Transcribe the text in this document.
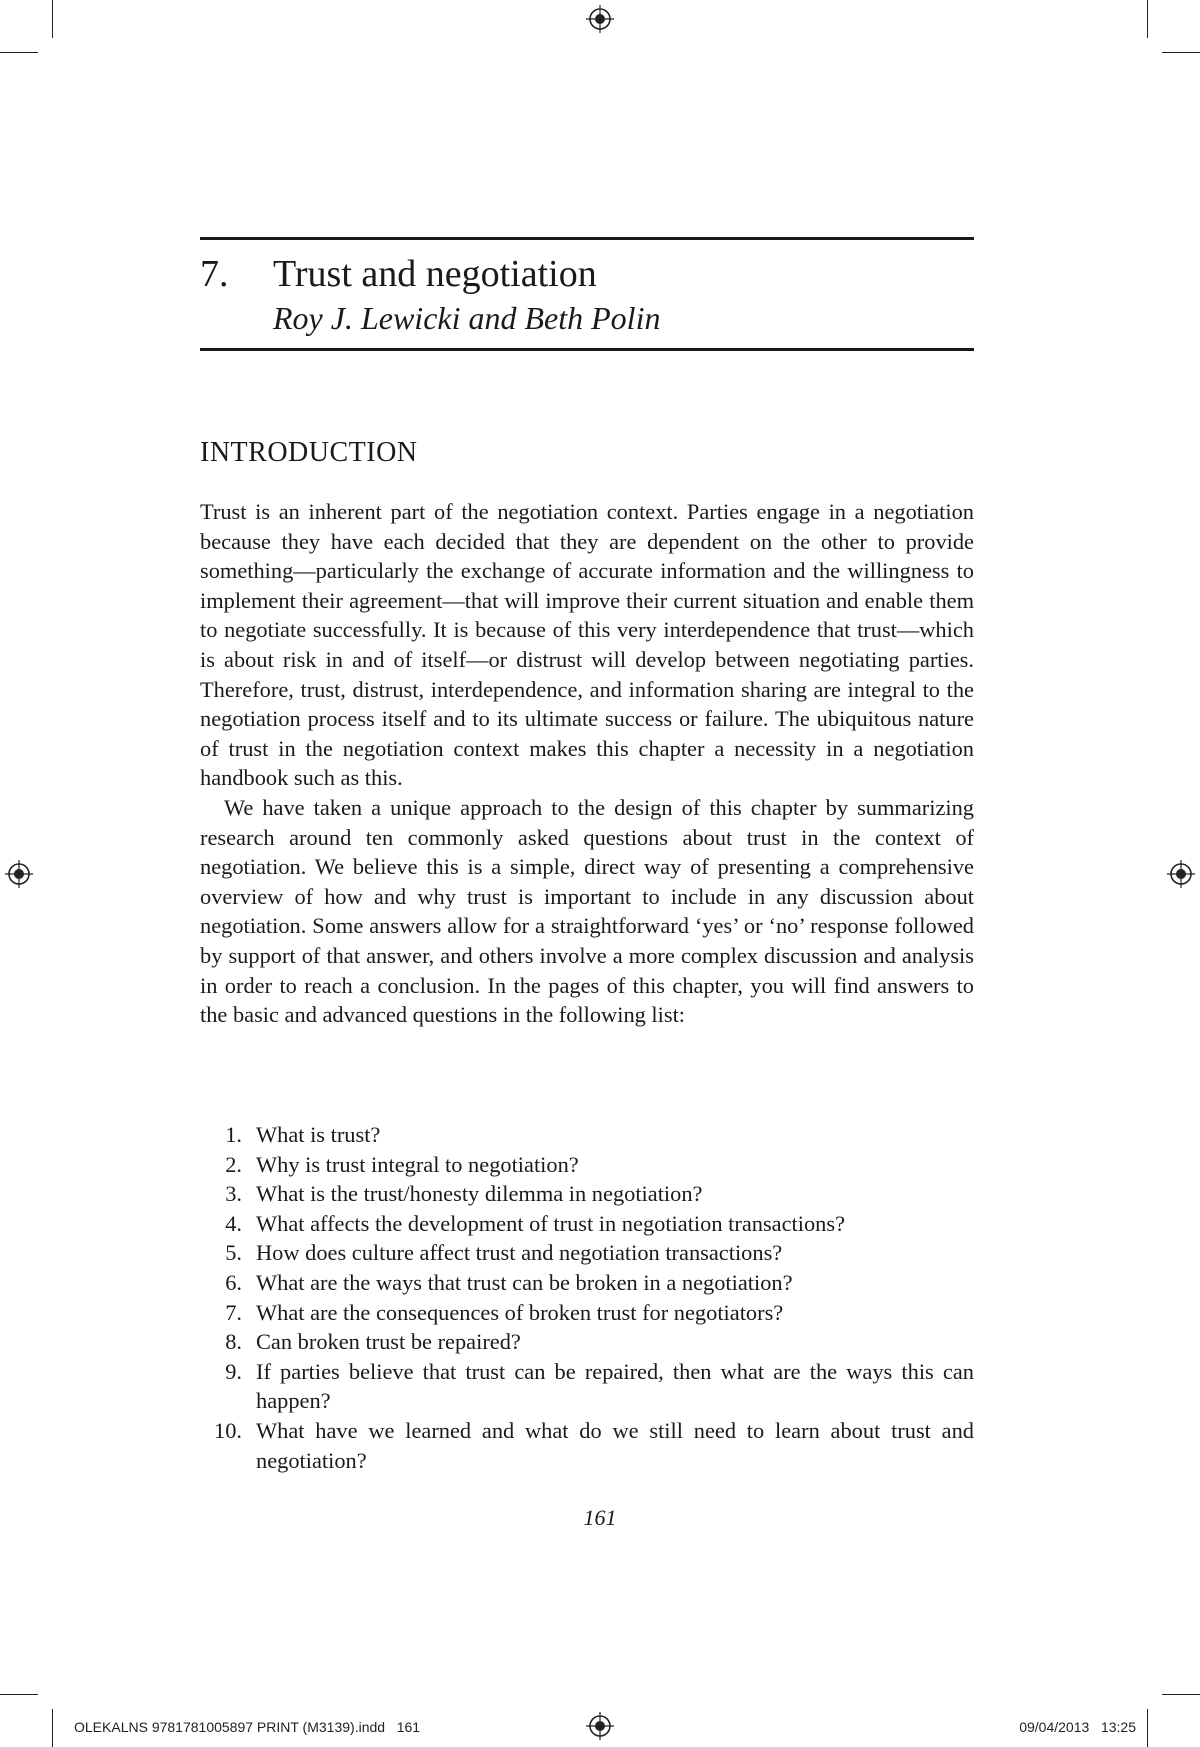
7.	Trust and negotiation
Roy J. Lewicki and Beth Polin
INTRODUCTION

Trust is an inherent part of the negotiation context. Parties engage in a negotiation because they have each decided that they are dependent on the other to provide something—particularly the exchange of accurate information and the willingness to implement their agreement—that will improve their current situation and enable them to negotiate successfully. It is because of this very interdependence that trust—which is about risk in and of itself—or distrust will develop between negotiating parties. Therefore, trust, distrust, interdependence, and information sharing are integral to the negotiation process itself and to its ultimate success or failure. The ubiquitous nature of trust in the negotiation context makes this chapter a necessity in a negotiation handbook such as this.

We have taken a unique approach to the design of this chapter by summarizing research around ten commonly asked questions about trust in the context of negotiation. We believe this is a simple, direct way of presenting a comprehensive overview of how and why trust is important to include in any discussion about negotiation. Some answers allow for a straightforward ‘yes’ or ‘no’ response followed by support of that answer, and others involve a more complex discussion and analysis in order to reach a conclusion. In the pages of this chapter, you will find answers to the basic and advanced questions in the following list:

1. What is trust?
2. Why is trust integral to negotiation?
3. What is the trust/honesty dilemma in negotiation?
4. What affects the development of trust in negotiation transactions?
5. How does culture affect trust and negotiation transactions?
6. What are the ways that trust can be broken in a negotiation?
7. What are the consequences of broken trust for negotiators?
8. Can broken trust be repaired?
9. If parties believe that trust can be repaired, then what are the ways this can happen?
10. What have we learned and what do we still need to learn about trust and negotiation?
161
OLEKALNS 9781781005897 PRINT (M3139).indd   161	09/04/2013   13:25
